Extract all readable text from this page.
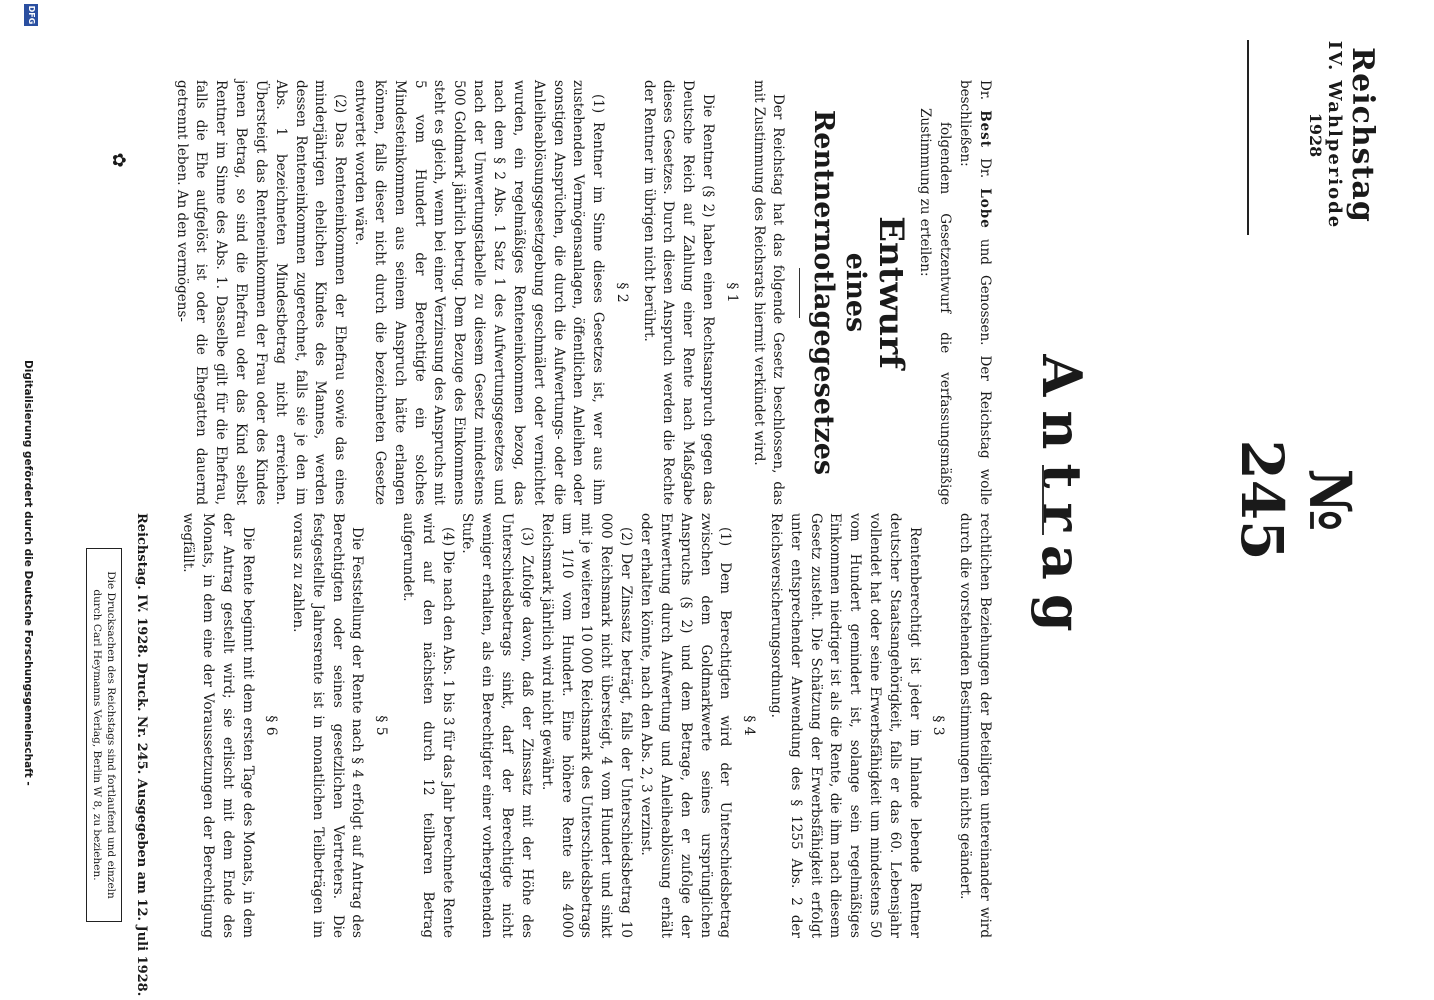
Reichstag
IV. Wahlperiode
1928
№ 245
Antrag

Dr. Best Dr. Lobe und Genossen. Der Reichstag wolle beschließen:

folgendem Gesetzentwurf die verfassungsmäßige Zustimmung zu erteilen:

Entwurf
eines Rentnernotlagegesetzes

Der Reichstag hat das folgende Gesetz beschlossen, das mit Zustimmung des Reichsrats hiermit verkündet wird.

§ 1

Die Rentner (§ 2) haben einen Rechtsanspruch gegen das Deutsche Reich auf Zahlung einer Rente nach Maßgabe dieses Gesetzes. Durch diesen Anspruch werden die Rechte der Rentner im übrigen nicht berührt.

§ 2

(1) Rentner im Sinne dieses Gesetzes ist, wer aus ihm zustehenden Vermögensanlagen, öffentlichen Anleihen oder sonstigen Ansprüchen, die durch die Aufwertungs- oder die Anleiheablösungsgesetzgebung geschmälert oder vernichtet wurden, ein regelmäßiges Renteneinkommen bezog, das nach dem § 2 Abs. 1 Satz 1 des Aufwertungsgesetzes und nach der Umwertungstabelle zu diesem Gesetz mindestens 500 Goldmark jährlich betrug. Dem Bezuge des Einkommens steht es gleich, wenn bei einer Verzinsung des Anspruchs mit 5 vom Hundert der Berechtigte ein solches Mindesteinkommen aus seinem Anspruch hätte erlangen können, falls dieser nicht durch die bezeichneten Gesetze entwertet worden wäre.

(2) Das Renteneinkommen der Ehefrau sowie das eines minderjährigen ehelichen Kindes des Mannes, werden dessen Renteneinkommen zugerechnet, falls sie je den im Abs. 1 bezeichneten Mindestbetrag nicht erreichen. Übersteigt das Renteneinkommen der Frau oder des Kindes jenen Betrag, so sind die Ehefrau oder das Kind selbst Rentner im Sinne des Abs. 1. Dasselbe gilt für die Ehefrau, falls die Ehe aufgelöst ist oder die Ehegatten dauernd getrennt leben. An den vermögens-

rechtlichen Beziehungen der Beteiligten untereinander wird durch die vorstehenden Bestimmungen nichts geändert.

§ 3

Rentenberechtigt ist jeder im Inlande lebende Rentner deutscher Staatsangehörigkeit, falls er das 60. Lebensjahr vollendet hat oder seine Erwerbsfähigkeit um mindestens 50 vom Hundert gemindert ist, solange sein regelmäßiges Einkommen niedriger ist als die Rente, die ihm nach diesem Gesetz zusteht. Die Schätzung der Erwerbsfähigkeit erfolgt unter entsprechender Anwendung des § 1255 Abs. 2 der Reichsversicherungsordnung.

§ 4

(1) Dem Berechtigten wird der Unterschiedsbetrag zwischen dem Goldmarkwerte seines ursprünglichen Anspruchs (§ 2) und dem Betrage, den er zufolge der Entwertung durch Aufwertung und Anleiheablösung erhält oder erhalten könnte, nach den Abs. 2, 3 verzinst.

(2) Der Zinssatz beträgt, falls der Unterschiedsbetrag 10 000 Reichsmark nicht übersteigt, 4 vom Hundert und sinkt mit je weiteren 10 000 Reichsmark des Unterschiedsbetrags um 1/10 vom Hundert. Eine höhere Rente als 4000 Reichsmark jährlich wird nicht gewährt.

(3) Zufolge davon, daß der Zinssatz mit der Höhe des Unterschiedsbetrags sinkt, darf der Berechtigte nicht weniger erhalten, als ein Berechtigter einer vorhergehenden Stufe.

(4) Die nach den Abs. 1 bis 3 für das Jahr berechnete Rente wird auf den nächsten durch 12 teilbaren Betrag aufgerundet.

§ 5

Die Feststellung der Rente nach § 4 erfolgt auf Antrag des Berechtigten oder seines gesetzlichen Vertreters. Die festgestellte Jahresrente ist in monatlichen Teilbeträgen im voraus zu zahlen.

§ 6

Die Rente beginnt mit dem ersten Tage des Monats, in dem der Antrag gestellt wird; sie erlischt mit dem Ende des Monats, in dem eine der Voraussetzungen der Berechtigung wegfällt.

Reichstag. IV. 1928. Druck. Nr. 245. Ausgegeben am 12. Juli 1928.
Die Drucksachen des Reichstags sind fortlaufend und einzeln durch Carl Heymanns Verlag, Berlin W 8, zu beziehen.
✿
DFG
Digitalisierung gefördert durch die Deutsche Forschungsgemeinschaft -
